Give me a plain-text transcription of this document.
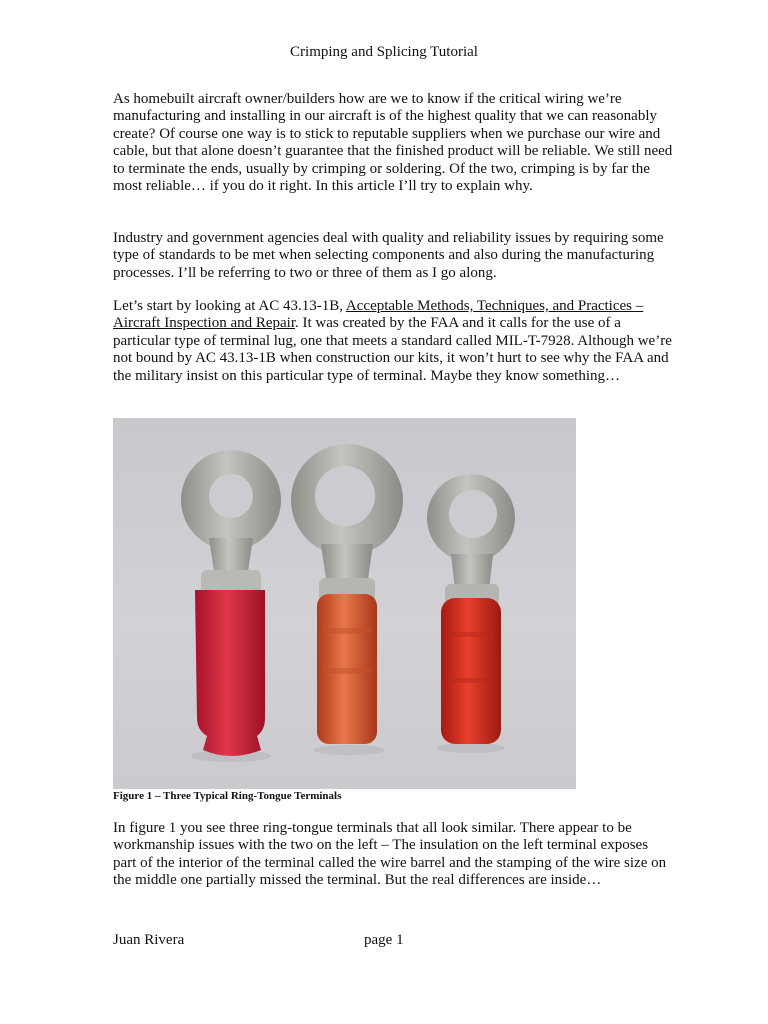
Crimping and Splicing Tutorial

As homebuilt aircraft owner/builders how are we to know if the critical wiring we’re manufacturing and installing in our aircraft is of the highest quality that we can reasonably create? Of course one way is to stick to reputable suppliers when we purchase our wire and cable, but that alone doesn’t guarantee that the finished product will be reliable. We still need to terminate the ends, usually by crimping or soldering. Of the two, crimping is by far the most reliable… if you do it right. In this article I’ll try to explain why.

Industry and government agencies deal with quality and reliability issues by requiring some type of standards to be met when selecting components and also during the manufacturing processes. I’ll be referring to two or three of them as I go along.

Let’s start by looking at AC 43.13-1B, Acceptable Methods, Techniques, and Practices – Aircraft Inspection and Repair. It was created by the FAA and it calls for the use of a particular type of terminal lug, one that meets a standard called MIL-T-7928. Although we’re not bound by AC 43.13-1B when construction our kits, it won’t hurt to see why the FAA and the military insist on this particular type of terminal. Maybe they know something…

Figure 1 – Three Typical Ring-Tongue Terminals

In figure 1 you see three ring-tongue terminals that all look similar. There appear to be workmanship issues with the two on the left – The insulation on the left terminal exposes part of the interior of the terminal called the wire barrel and the stamping of the wire size on the middle one partially missed the terminal. But the real differences are inside…

Juan Rivera	page 1
